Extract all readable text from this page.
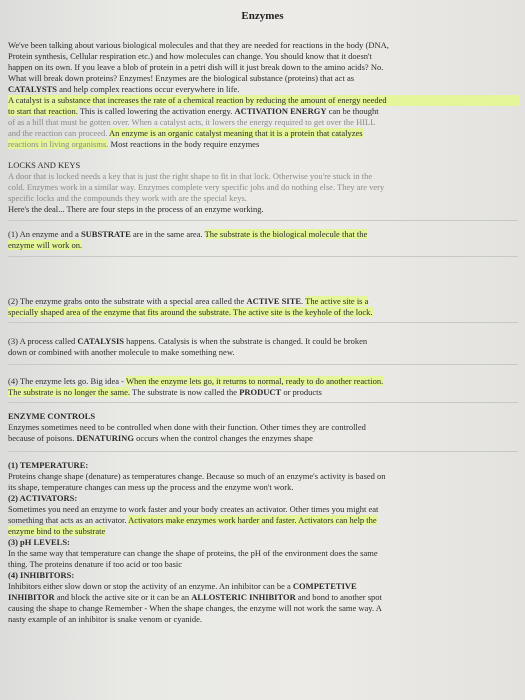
Enzymes
We've been talking about various biological molecules and that they are needed for reactions in the body (DNA,
Protein synthesis, Cellular respiration etc.) and how molecules can change. You should know that it doesn't
happen on its own. If you leave a blob of protein in a petri dish will it just break down to the amino acids? No.
What will break down proteins? Enzymes! Enzymes are the biological substance (proteins) that act as
CATALYSTS and help complex reactions occur everywhere in life.
A catalyst is a substance that increases the rate of a chemical reaction by reducing the amount of energy needed
to start that reaction. This is called lowering the activation energy. ACTIVATION ENERGY can be thought
of as a hill that must be gotten over. When a catalyst acts, it lowers the energy required to get over the HILL
and the reaction can proceed. An enzyme is an organic catalyst meaning that it is a protein that catalyzes
reactions in living organisms. Most reactions in the body require enzymes
LOCKS AND KEYS
A door that is locked needs a key that is just the right shape to fit in that lock. Otherwise you're stuck in the
cold. Enzymes work in a similar way. Enzymes complete very specific jobs and do nothing else. They are very
specific locks and the compounds they work with are the special keys.
Here's the deal... There are four steps in the process of an enzyme working.
(1) An enzyme and a SUBSTRATE are in the same area. The substrate is the biological molecule that the
enzyme will work on.
(2) The enzyme grabs onto the substrate with a special area called the ACTIVE SITE. The active site is a
specially shaped area of the enzyme that fits around the substrate. The active site is the keyhole of the lock.
(3) A process called CATALYSIS happens. Catalysis is when the substrate is changed. It could be broken
down or combined with another molecule to make something new.
(4) The enzyme lets go. Big idea - When the enzyme lets go, it returns to normal, ready to do another reaction.
The substrate is no longer the same. The substrate is now called the PRODUCT or products
ENZYME CONTROLS
Enzymes sometimes need to be controlled when done with their function. Other times they are controlled
because of poisons. DENATURING occurs when the control changes the enzymes shape
(1) TEMPERATURE:
Proteins change shape (denature) as temperatures change. Because so much of an enzyme's activity is based on
its shape, temperature changes can mess up the process and the enzyme won't work.
(2) ACTIVATORS:
Sometimes you need an enzyme to work faster and your body creates an activator. Other times you might eat
something that acts as an activator. Activators make enzymes work harder and faster. Activators can help the
enzyme bind to the substrate
(3) pH LEVELS:
In the same way that temperature can change the shape of proteins, the pH of the environment does the same
thing. The proteins denature if too acid or too basic
(4) INHIBITORS:
Inhibitors either slow down or stop the activity of an enzyme. An inhibitor can be a COMPETETIVE
INHIBITOR and block the active site or it can be an ALLOSTERIC INHIBITOR and bond to another spot
causing the shape to change Remember - When the shape changes, the enzyme will not work the same way. A
nasty example of an inhibitor is snake venom or cyanide.
